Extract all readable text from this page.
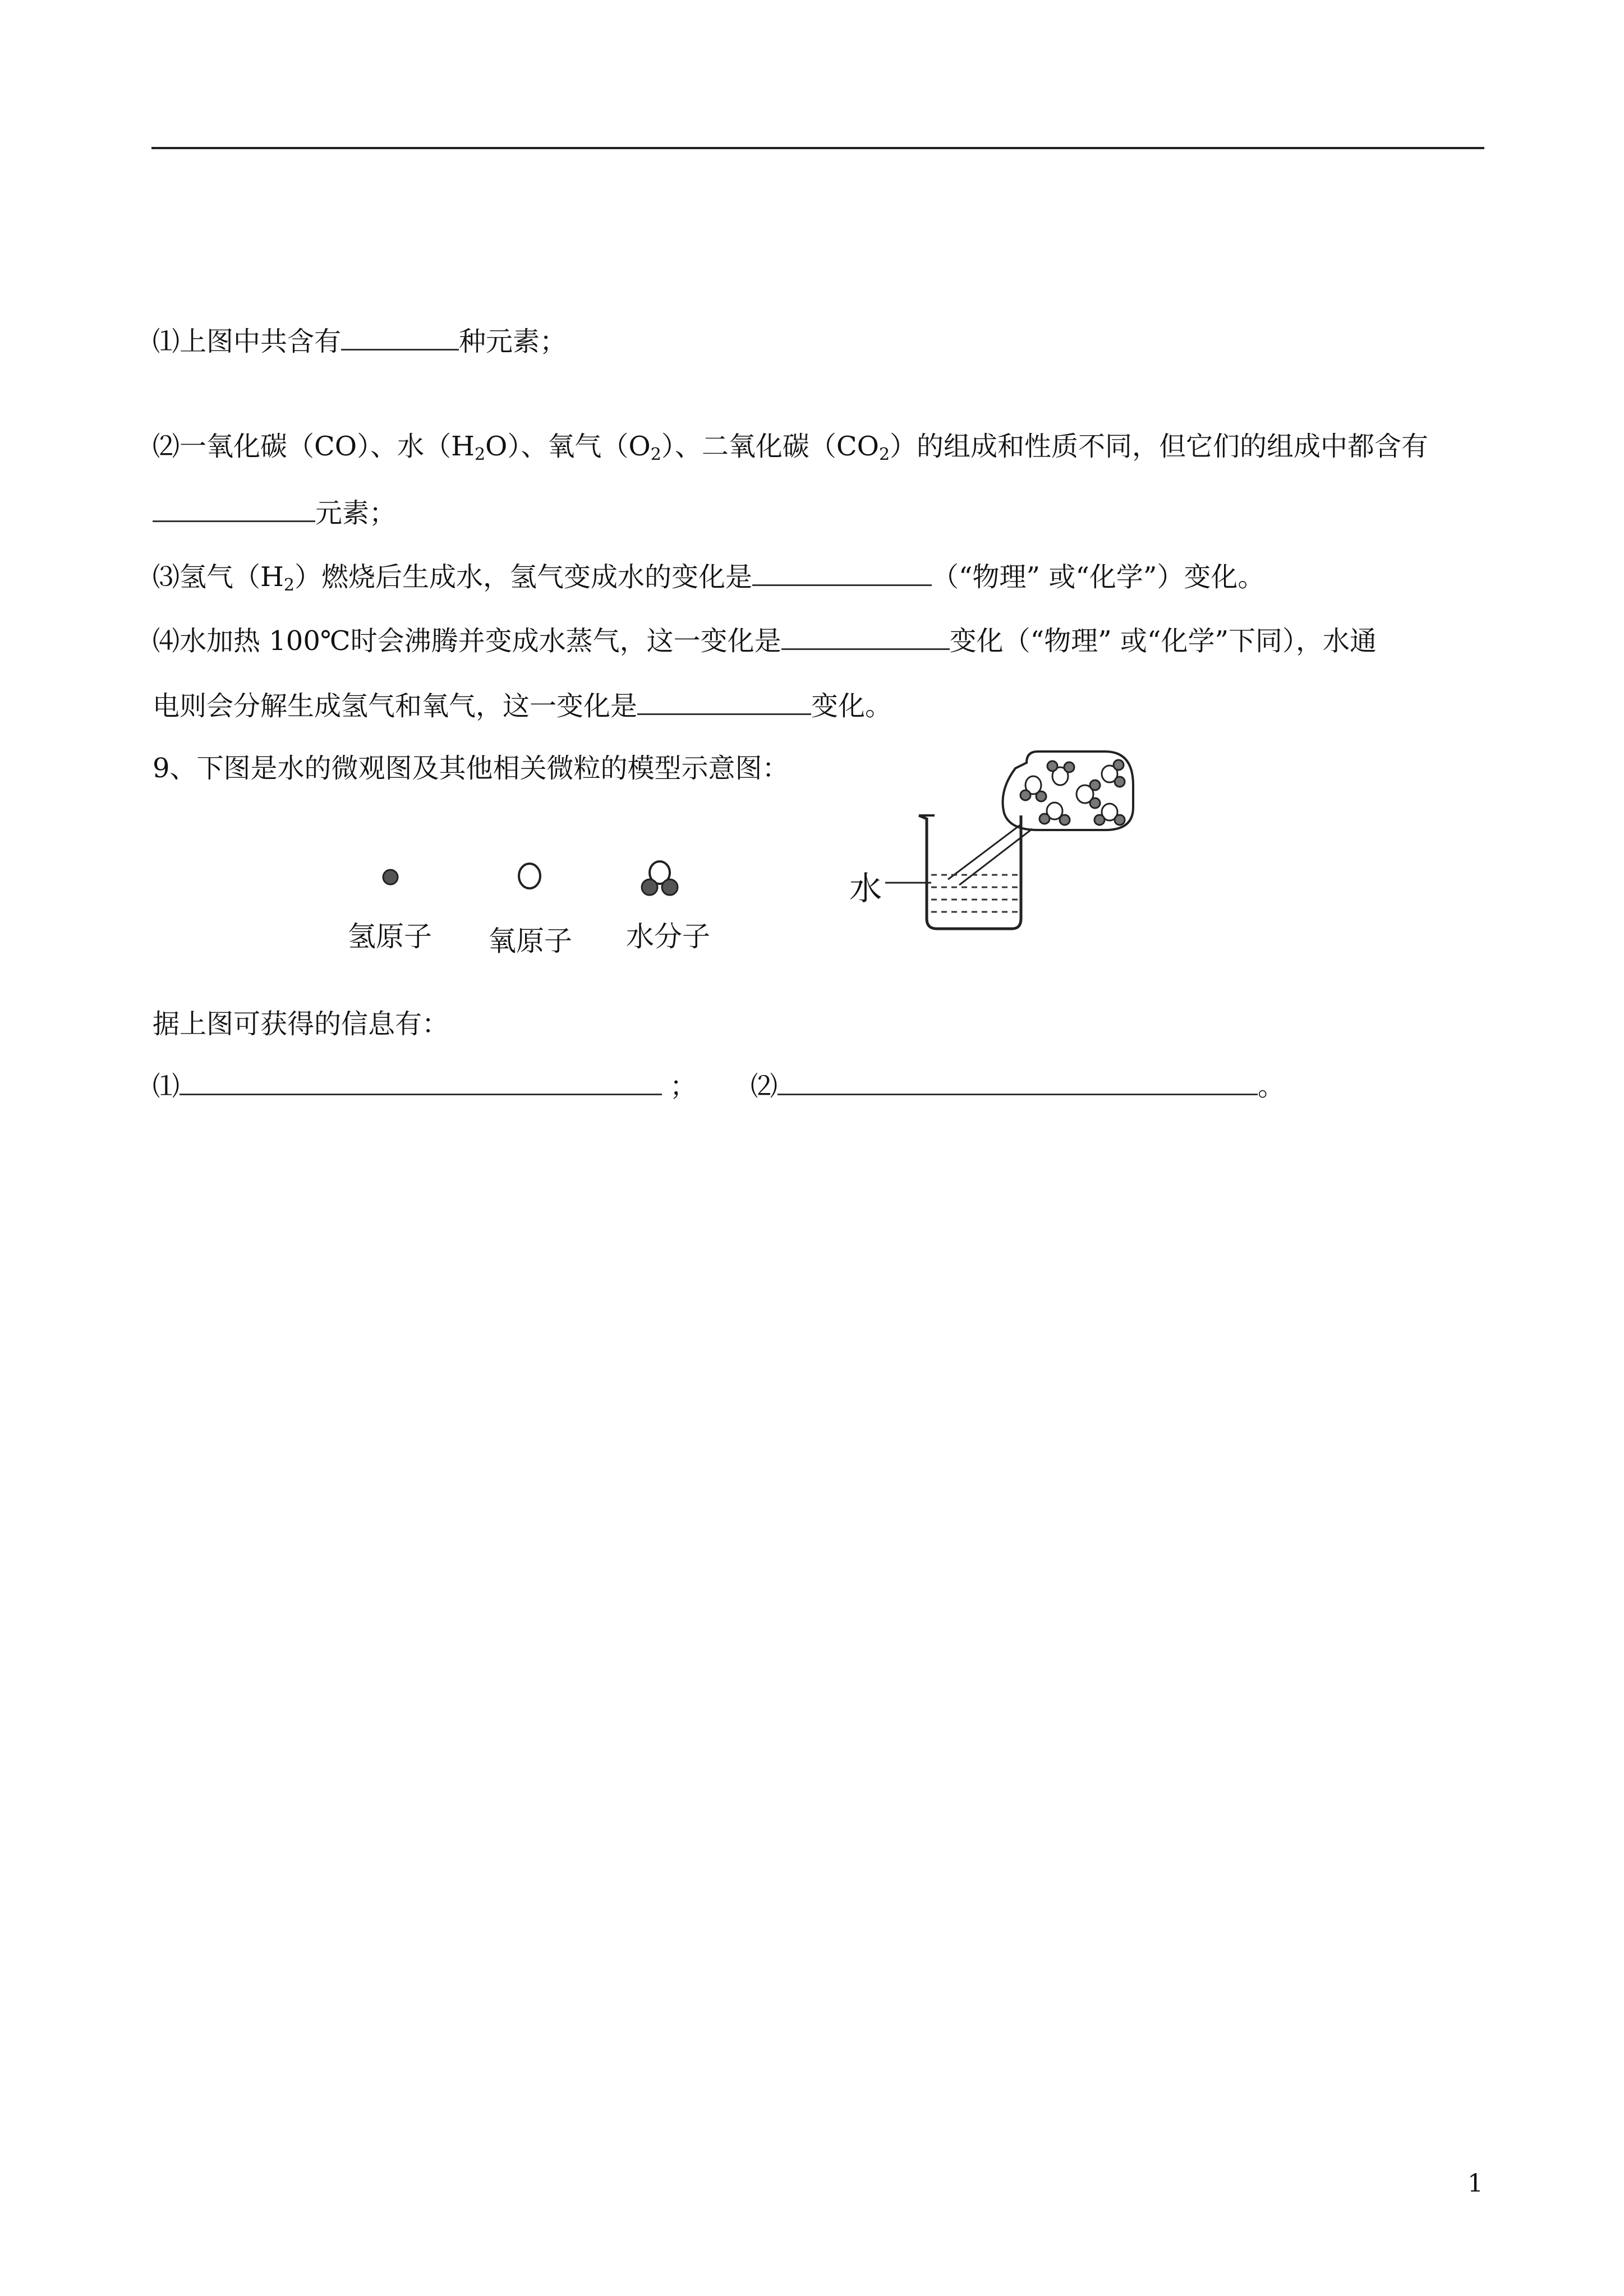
⑴上图中共含有	种元素；
⑵一氧化碳（CO）、水$(H_2O)$、氧气$(O_2)$、二氧化碳$(CO_2)$的组成和性质不同，但它们的组成中都含有
元素；
⑶氢气$(H_2)$燃烧后生成水，氢气变成水的变化是	（“物理” 或“化学”）变化。
⑷水加热 100℃时会沸腾并变成水蒸气，这一变化是	变化（“物理” 或“化学”下同），水通
电则会分解生成氢气和氧气，这一变化是	变化。
9、下图是水的微观图及其他相关微粒的模型示意图：
氢原子 氧原子 水分子
水
据上图可获得的信息有：
⑴	； ⑵	。
1
